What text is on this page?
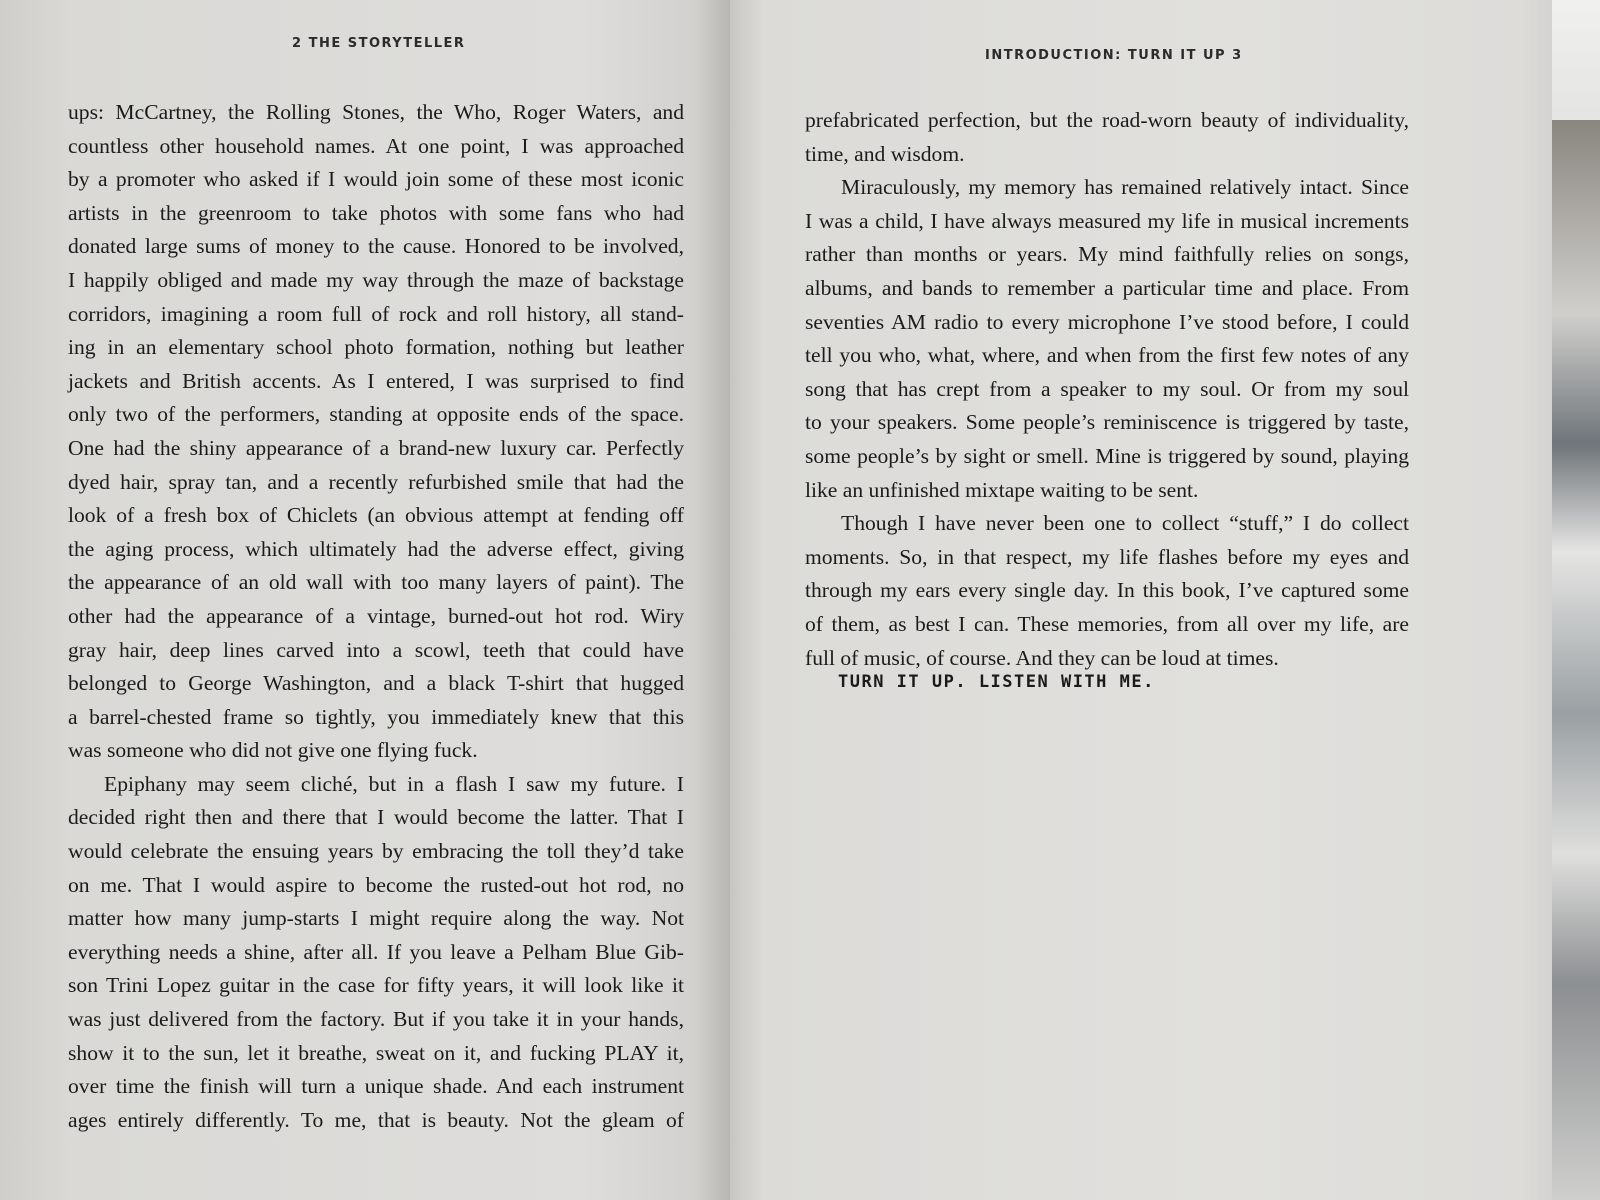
2 THE STORYTELLER
ups: McCartney, the Rolling Stones, the Who, Roger Waters, and
countless other household names. At one point, I was approached
by a promoter who asked if I would join some of these most iconic
artists in the greenroom to take photos with some fans who had
donated large sums of money to the cause. Honored to be involved,
I happily obliged and made my way through the maze of backstage
corridors, imagining a room full of rock and roll history, all stand-
ing in an elementary school photo formation, nothing but leather
jackets and British accents. As I entered, I was surprised to find
only two of the performers, standing at opposite ends of the space.
One had the shiny appearance of a brand-new luxury car. Perfectly
dyed hair, spray tan, and a recently refurbished smile that had the
look of a fresh box of Chiclets (an obvious attempt at fending off
the aging process, which ultimately had the adverse effect, giving
the appearance of an old wall with too many layers of paint). The
other had the appearance of a vintage, burned-out hot rod. Wiry
gray hair, deep lines carved into a scowl, teeth that could have
belonged to George Washington, and a black T-shirt that hugged
a barrel-chested frame so tightly, you immediately knew that this
was someone who did not give one flying fuck.
Epiphany may seem cliché, but in a flash I saw my future. I
decided right then and there that I would become the latter. That I
would celebrate the ensuing years by embracing the toll they’d take
on me. That I would aspire to become the rusted-out hot rod, no
matter how many jump-starts I might require along the way. Not
everything needs a shine, after all. If you leave a Pelham Blue Gib-
son Trini Lopez guitar in the case for fifty years, it will look like it
was just delivered from the factory. But if you take it in your hands,
show it to the sun, let it breathe, sweat on it, and fucking PLAY it,
over time the finish will turn a unique shade. And each instrument
ages entirely differently. To me, that is beauty. Not the gleam of
INTRODUCTION: TURN IT UP 3
prefabricated perfection, but the road-worn beauty of individuality,
time, and wisdom.
Miraculously, my memory has remained relatively intact. Since
I was a child, I have always measured my life in musical increments
rather than months or years. My mind faithfully relies on songs,
albums, and bands to remember a particular time and place. From
seventies AM radio to every microphone I’ve stood before, I could
tell you who, what, where, and when from the first few notes of any
song that has crept from a speaker to my soul. Or from my soul
to your speakers. Some people’s reminiscence is triggered by taste,
some people’s by sight or smell. Mine is triggered by sound, playing
like an unfinished mixtape waiting to be sent.
Though I have never been one to collect “stuff,” I do collect
moments. So, in that respect, my life flashes before my eyes and
through my ears every single day. In this book, I’ve captured some
of them, as best I can. These memories, from all over my life, are
full of music, of course. And they can be loud at times.
TURN IT UP. LISTEN WITH ME.
